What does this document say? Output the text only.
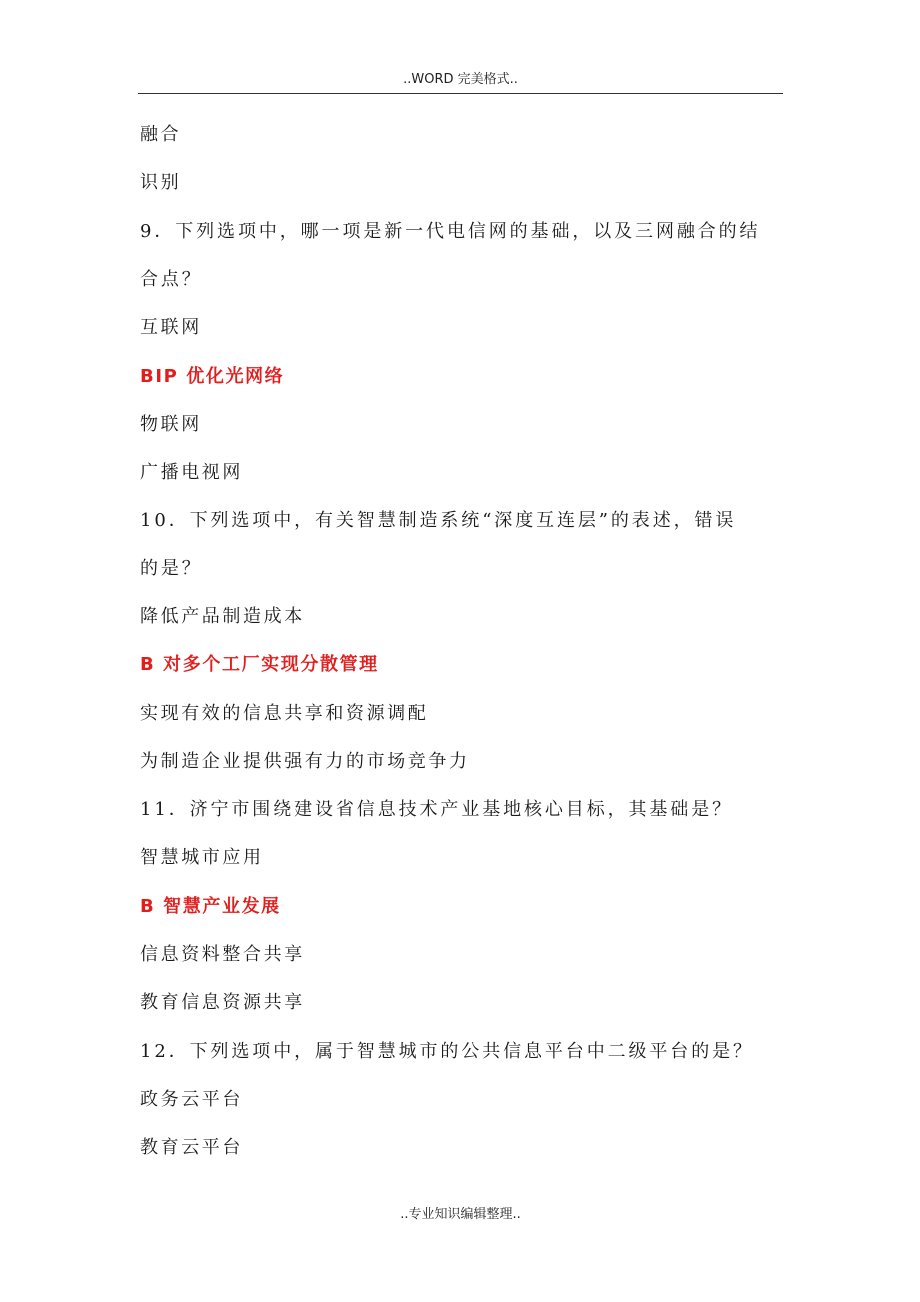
..WORD 完美格式..
融合
识别
9．下列选项中，哪一项是新一代电信网的基础，以及三网融合的结
合点？
互联网
BIP 优化光网络
物联网
广播电视网
10．下列选项中，有关智慧制造系统“深度互连层”的表述，错误
的是？
降低产品制造成本
B 对多个工厂实现分散管理
实现有效的信息共享和资源调配
为制造企业提供强有力的市场竞争力
11．济宁市围绕建设省信息技术产业基地核心目标，其基础是？
智慧城市应用
B 智慧产业发展
信息资料整合共享
教育信息资源共享
12．下列选项中，属于智慧城市的公共信息平台中二级平台的是？
政务云平台
教育云平台
..专业知识编辑整理..
